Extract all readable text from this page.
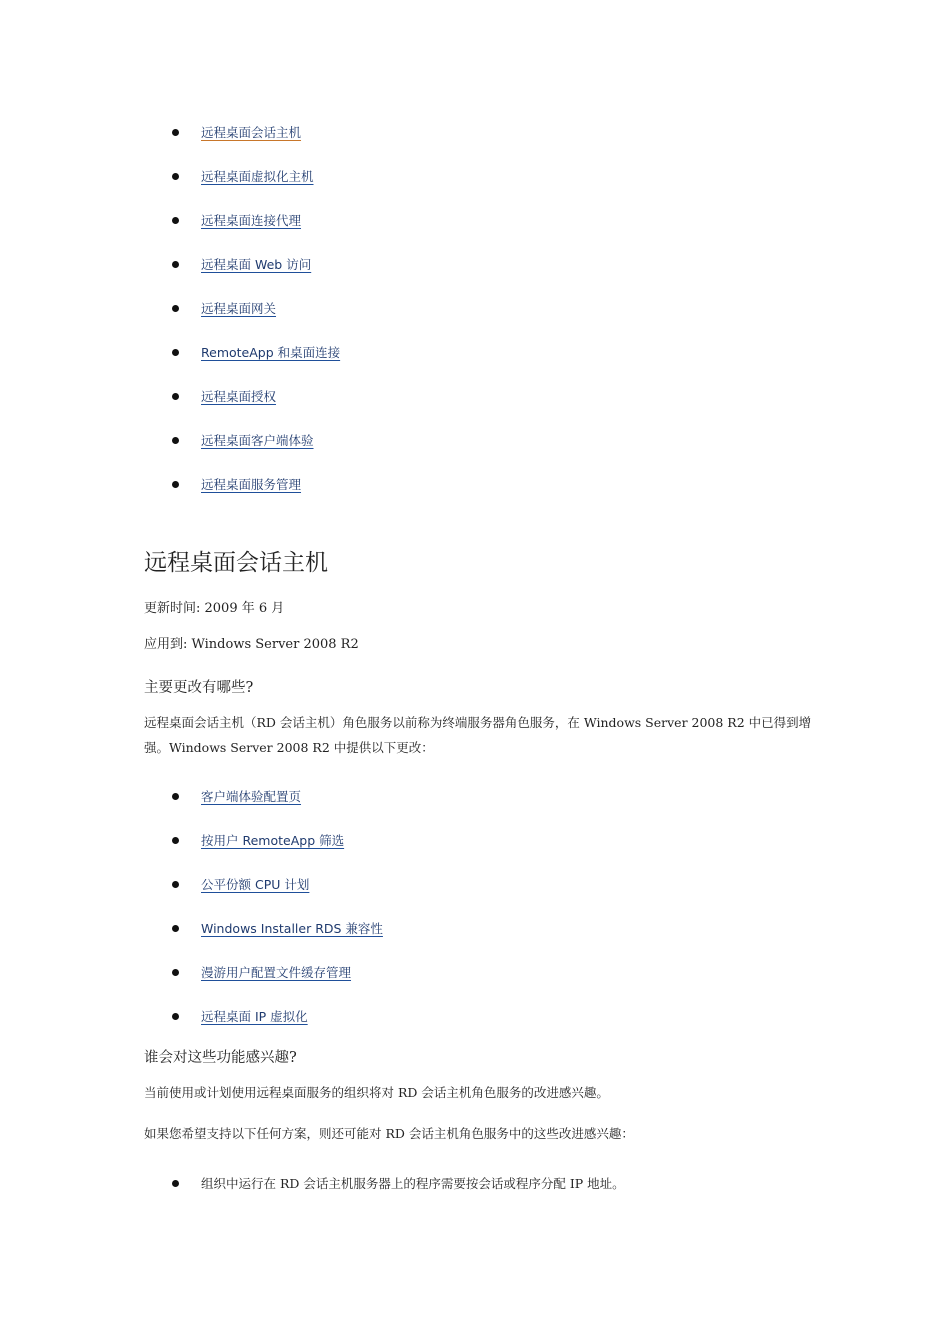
远程桌面会话主机
远程桌面虚拟化主机
远程桌面连接代理
远程桌面 Web 访问
远程桌面网关
RemoteApp 和桌面连接
远程桌面授权
远程桌面客户端体验
远程桌面服务管理
远程桌面会话主机
更新时间: 2009 年 6 月
应用到: Windows Server 2008 R2
主要更改有哪些?

远程桌面会话主机（RD 会话主机）角色服务以前称为终端服务器角色服务，在 Windows Server 2008 R2 中已得到增强。Windows Server 2008 R2 中提供以下更改：

客户端体验配置页
按用户 RemoteApp 筛选
公平份额 CPU 计划
Windows Installer RDS 兼容性
漫游用户配置文件缓存管理
远程桌面 IP 虚拟化
谁会对这些功能感兴趣?

当前使用或计划使用远程桌面服务的组织将对 RD 会话主机角色服务的改进感兴趣。

如果您希望支持以下任何方案，则还可能对 RD 会话主机角色服务中的这些改进感兴趣：

组织中运行在 RD 会话主机服务器上的程序需要按会话或程序分配 IP 地址。
